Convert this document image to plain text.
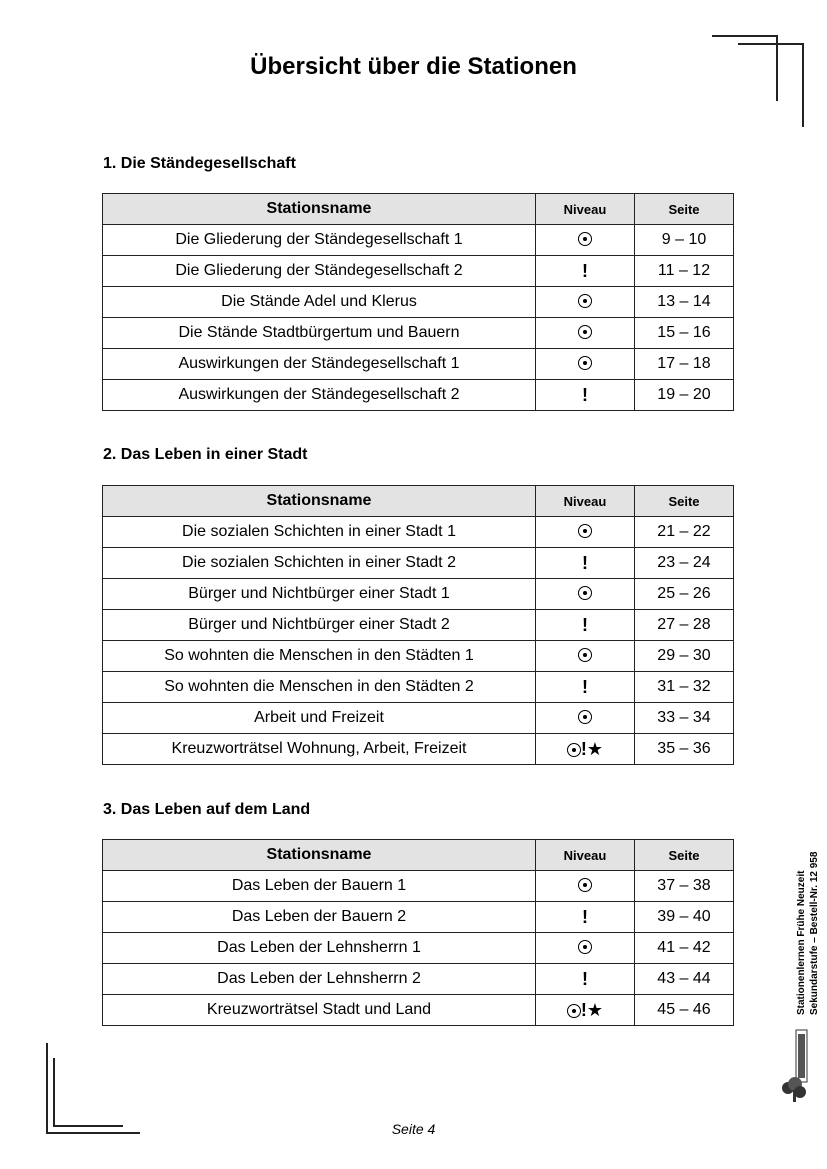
Übersicht über die Stationen
1. Die Ständegesellschaft
Stationsname	Niveau	Seite
Die Gliederung der Ständegesellschaft 1		9 – 10
Die Gliederung der Ständegesellschaft 2	!	11 – 12
Die Stände Adel und Klerus		13 – 14
Die Stände Stadtbürgertum und Bauern		15 – 16
Auswirkungen der Ständegesellschaft 1		17 – 18
Auswirkungen der Ständegesellschaft 2	!	19 – 20
2. Das Leben in einer Stadt
Stationsname	Niveau	Seite
Die sozialen Schichten in einer Stadt 1		21 – 22
Die sozialen Schichten in einer Stadt 2	!	23 – 24
Bürger und Nichtbürger einer Stadt 1		25 – 26
Bürger und Nichtbürger einer Stadt 2	!	27 – 28
So wohnten die Menschen in den Städten 1		29 – 30
So wohnten die Menschen in den Städten 2	!	31 – 32
Arbeit und Freizeit		33 – 34
Kreuzworträtsel Wohnung, Arbeit, Freizeit	!★	35 – 36
3. Das Leben auf dem Land
Stationsname	Niveau	Seite
Das Leben der Bauern 1		37 – 38
Das Leben der Bauern 2	!	39 – 40
Das Leben der Lehnsherrn 1		41 – 42
Das Leben der Lehnsherrn 2	!	43 – 44
Kreuzworträtsel Stadt und Land	!★	45 – 46	Stationenlernen Frühe Neuzeit Sekundarstufe – Bestell-Nr. 12 958
Seite 4
